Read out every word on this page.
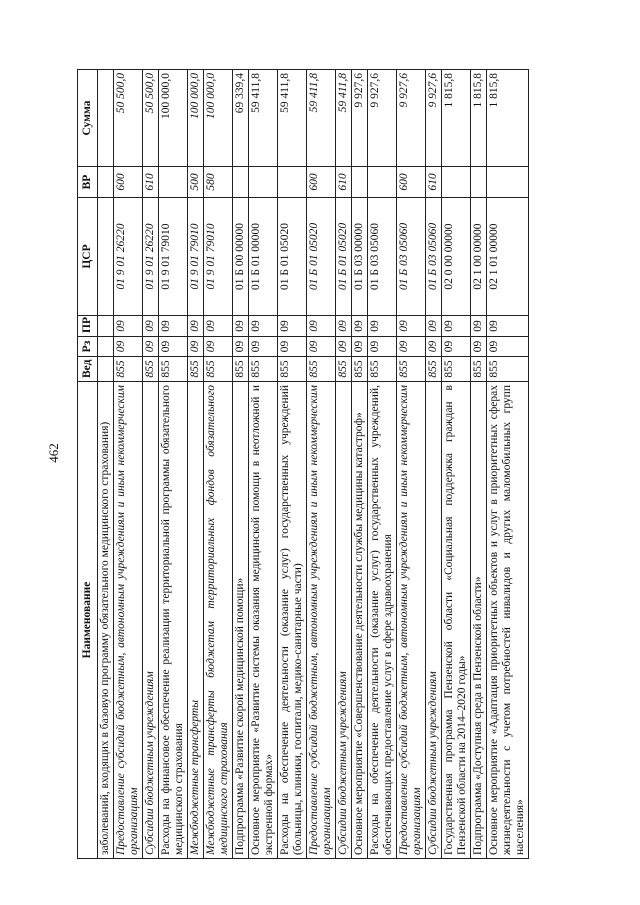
462
Наименование	Вед	Рз	ПР	ЦСР	ВР	Сумма
заболеваний, входящих в базовую программу обязательного медицинского страхования)						
Предоставление субсидий бюджетным, автономным учреждениям и иным некоммерческим организациям	855	09	09	01 9 01 26220	600	50 500,0
Субсидии бюджетным учреждениям	855	09	09	01 9 01 26220	610	50 500,0
Расходы на финансовое обеспечение реализации территориальной программы обязательного медицинского страхования	855	09	09	01 9 01 79010		100 000,0
Межбюджетные трансферты	855	09	09	01 9 01 79010	500	100 000,0
Межбюджетные трансферты бюджетам территориальных фондов обязательного медицинского страхования	855	09	09	01 9 01 79010	580	100 000,0
Подпрограмма «Развитие скорой медицинской помощи»	855	09	09	01 Б 00 00000		69 339,4
Основное мероприятие «Развитие системы оказания медицинской помощи в неотложной и экстренной формах»	855	09	09	01 Б 01 00000		59 411,8
Расходы на обеспечение деятельности (оказание услуг) государственных учреждений (больницы, клиники, госпитали, медико-санитарные части)	855	09	09	01 Б 01 05020		59 411,8
Предоставление субсидий бюджетным, автономным учреждениям и иным некоммерческим организациям	855	09	09	01 Б 01 05020	600	59 411,8
Субсидии бюджетным учреждениям	855	09	09	01 Б 01 05020	610	59 411,8
Основное мероприятие «Совершенствование деятельности службы медицины катастроф»	855	09	09	01 Б 03 00000		9 927,6
Расходы на обеспечение деятельности (оказание услуг) государственных учреждений, обеспечивающих предоставление услуг в сфере здравоохранения	855	09	09	01 Б 03 05060		9 927,6
Предоставление субсидий бюджетным, автономным учреждениям и иным некоммерческим организациям	855	09	09	01 Б 03 05060	600	9 927,6
Субсидии бюджетным учреждениям	855	09	09	01 Б 03 05060	610	9 927,6
Государственная программа Пензенской области «Социальная поддержка граждан в Пензенской области на 2014–2020 годы»	855	09	09	02 0 00 00000		1 815,8
Подпрограмма «Доступная среда в Пензенской области»	855	09	09	02 1 00 00000		1 815,8
Основное мероприятие «Адаптация приоритетных объектов и услуг в приоритетных сферах жизнедеятельности с учетом потребностей инвалидов и других маломобильных групп населения»	855	09	09	02 1 01 00000		1 815,8
